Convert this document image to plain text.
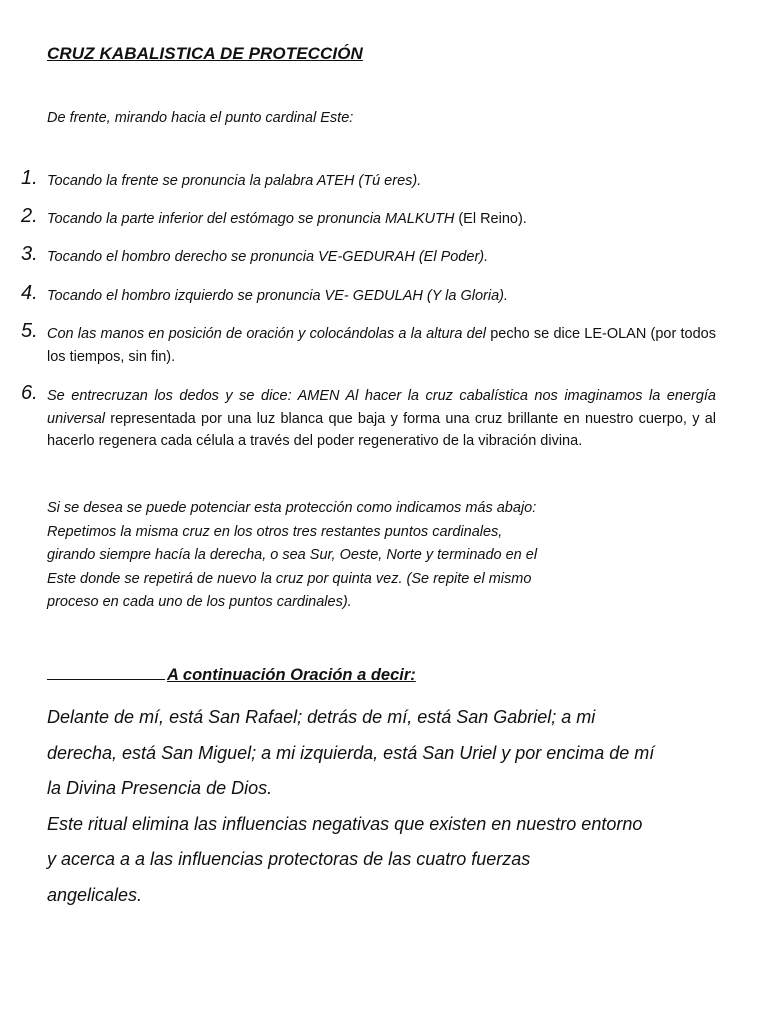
CRUZ KABALISTICA DE PROTECCIÓN
De frente, mirando hacia el punto cardinal Este:
1. Tocando la frente se pronuncia la palabra ATEH (Tú eres).
2. Tocando la parte inferior del estómago se pronuncia MALKUTH (El Reino).
3. Tocando el hombro derecho se pronuncia VE-GEDURAH (El Poder).
4. Tocando el hombro izquierdo se pronuncia VE- GEDULAH (Y la Gloria).
5. Con las manos en posición de oración y colocándolas a la altura del pecho se dice LE-OLAN (por todos los tiempos, sin fin).
6. Se entrecruzan los dedos y se dice: AMEN Al hacer la cruz cabalística nos imaginamos la energía universal representada por una luz blanca que baja y forma una cruz brillante en nuestro cuerpo, y al hacerlo regenera cada célula a través del poder regenerativo de la vibración divina.
Si se desea se puede potenciar esta protección como indicamos más abajo:
Repetimos la misma cruz en los otros tres restantes puntos cardinales,
girando siempre hacía la derecha, o sea Sur, Oeste, Norte y terminado en el
Este donde se repetirá de nuevo la cruz por quinta vez. (Se repite el mismo
proceso en cada uno de los puntos cardinales).
A continuación Oración a decir:
Delante de mí, está San Rafael; detrás de mí, está San Gabriel; a mi
derecha, está San Miguel; a mi izquierda, está San Uriel y por encima de mí
la Divina Presencia de Dios.
Este ritual elimina las influencias negativas que existen en nuestro entorno
y acerca a a las influencias protectoras de las cuatro fuerzas
angelicales.
